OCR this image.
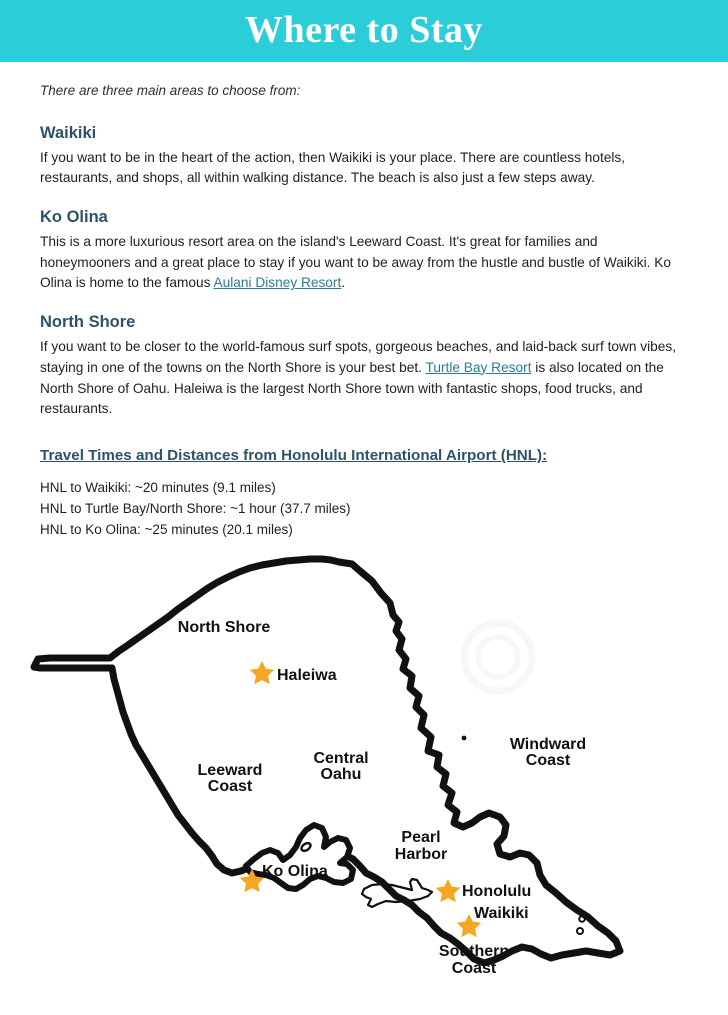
Where to Stay

There are three main areas to choose from:

Waikiki

If you want to be in the heart of the action, then Waikiki is your place. There are countless hotels, restaurants, and shops, all within walking distance. The beach is also just a few steps away.

Ko Olina

This is a more luxurious resort area on the island's Leeward Coast. It's great for families and honeymooners and a great place to stay if you want to be away from the hustle and bustle of Waikiki. Ko Olina is home to the famous Aulani Disney Resort.

North Shore

If you want to be closer to the world-famous surf spots, gorgeous beaches, and laid-back surf town vibes, staying in one of the towns on the North Shore is your best bet. Turtle Bay Resort is also located on the North Shore of Oahu. Haleiwa is the largest North Shore town with fantastic shops, food trucks, and restaurants.

Travel Times and Distances from Honolulu International Airport (HNL):
HNL to Waikiki: ~20 minutes (9.1 miles)
HNL to Turtle Bay/North Shore: ~1 hour (37.7 miles)
HNL to Ko Olina: ~25 minutes (20.1 miles)
North Shore
Leeward
Coast
Central
Oahu
Windward
Coast
Pearl
Harbor
Southern
Coast
Haleiwa
Ko Olina
Honolulu
Waikiki
